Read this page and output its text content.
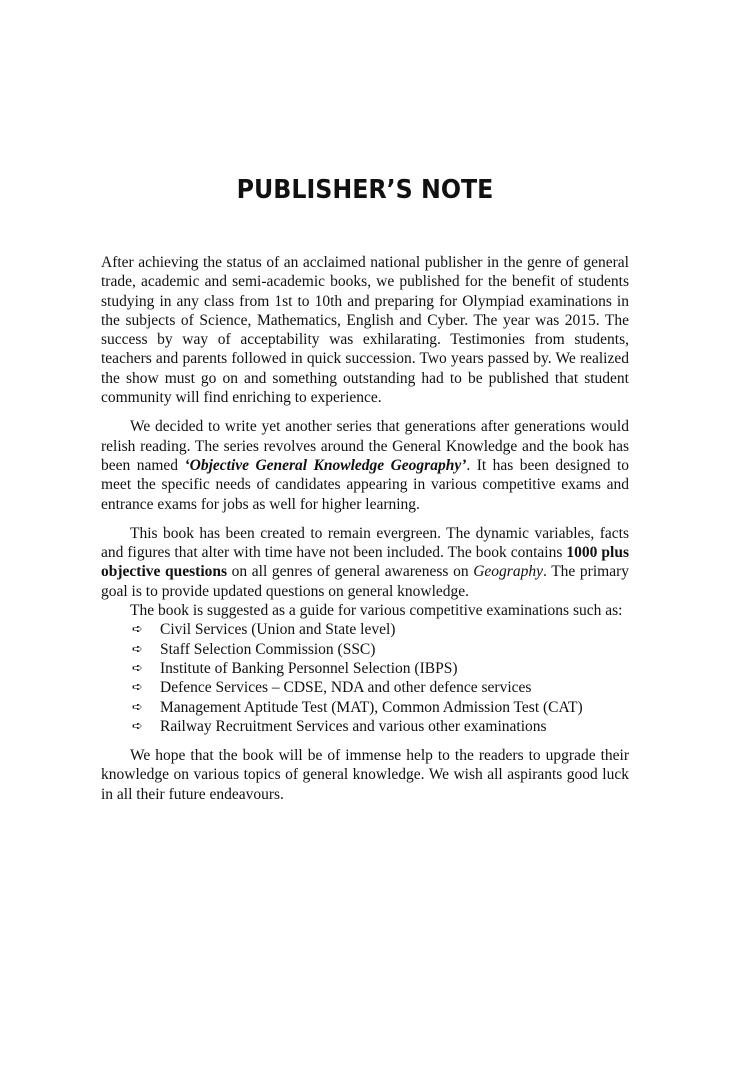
PUBLISHER’S NOTE

After achieving the status of an acclaimed national publisher in the genre of general trade, academic and semi-academic books, we published for the benefit of students studying in any class from 1st to 10th and preparing for Olympiad examinations in the subjects of Science, Mathematics, English and Cyber. The year was 2015. The success by way of acceptability was exhilarating. Testimonies from students, teachers and parents followed in quick succession. Two years passed by. We realized the show must go on and something outstanding had to be published that student community will find enriching to experience.

We decided to write yet another series that generations after generations would relish reading. The series revolves around the General Knowledge and the book has been named ‘Objective General Knowledge Geography’. It has been designed to meet the specific needs of candidates appearing in various competitive exams and entrance exams for jobs as well for higher learning.

This book has been created to remain evergreen. The dynamic variables, facts and figures that alter with time have not been included. The book contains 1000 plus objective questions on all genres of general awareness on Geography. The primary goal is to provide updated questions on general knowledge.

The book is suggested as a guide for various competitive examinations such as:

➪ Civil Services (Union and State level)
➪ Staff Selection Commission (SSC)
➪ Institute of Banking Personnel Selection (IBPS)
➪ Defence Services – CDSE, NDA and other defence services
➪ Management Aptitude Test (MAT), Common Admission Test (CAT)
➪ Railway Recruitment Services and various other examinations

We hope that the book will be of immense help to the readers to upgrade their knowledge on various topics of general knowledge. We wish all aspirants good luck in all their future endeavours.
